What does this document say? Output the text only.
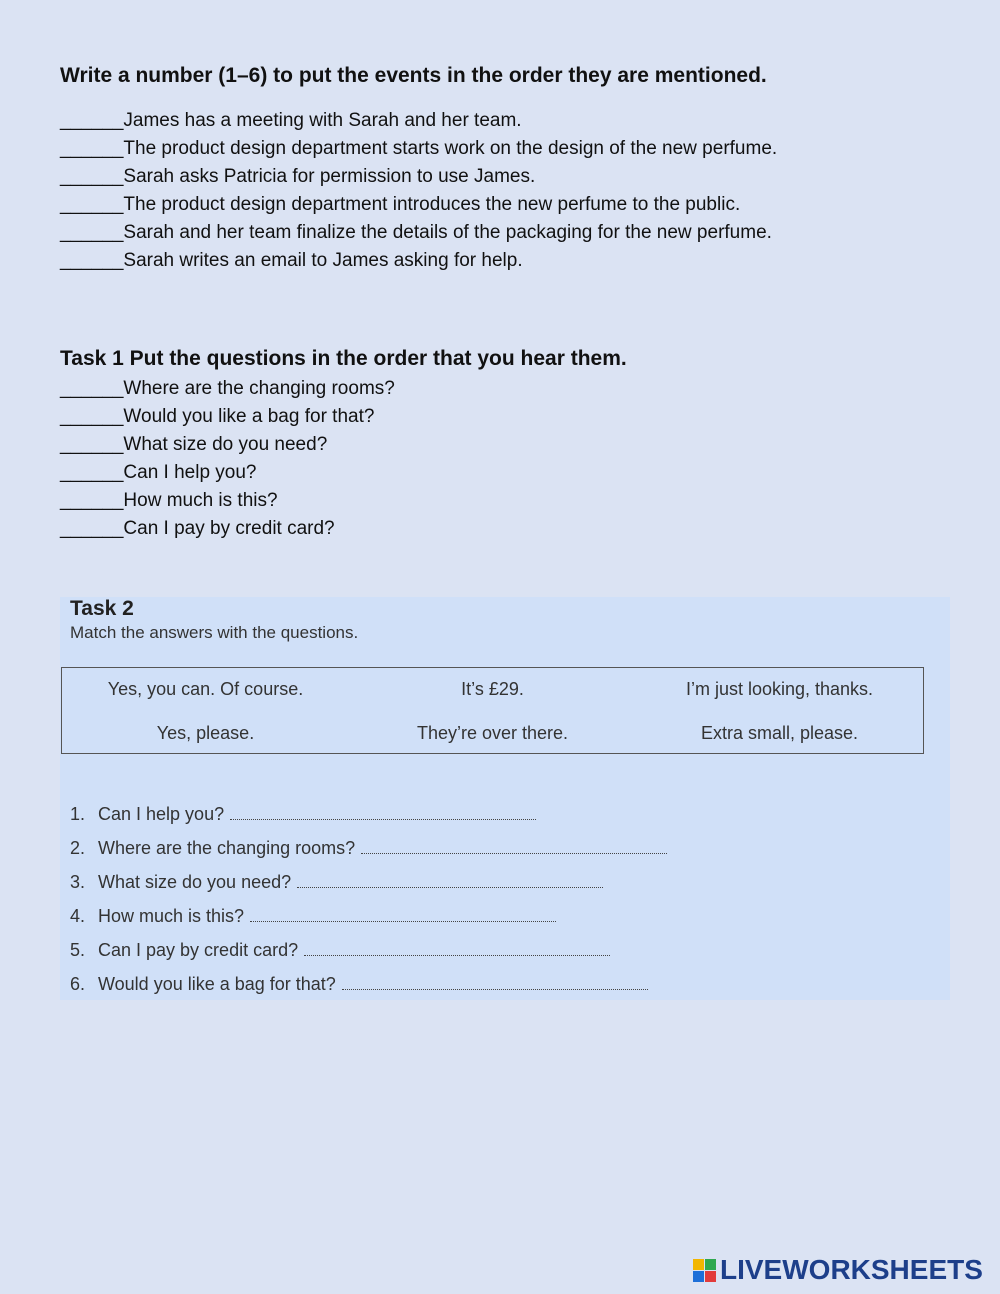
Write a number (1–6) to put the events in the order they are mentioned.

______James has a meeting with Sarah and her team.
______The product design department starts work on the design of the new perfume.
______Sarah asks Patricia for permission to use James.
______The product design department introduces the new perfume to the public.
______Sarah and her team finalize the details of the packaging for the new perfume.
______Sarah writes an email to James asking for help.

Task 1 Put the questions in the order that you hear them.

______Where are the changing rooms?
______Would you like a bag for that?
______What size do you need?
______Can I help you?
______How much is this?
______Can I pay by credit card?
Task 2
Match the answers with the questions.
Yes, you can. Of course.	It’s £29.	I’m just looking, thanks.
Yes, please.	They’re over there.	Extra small, please.
1. Can I help you?
2. Where are the changing rooms?
3. What size do you need?
4. How much is this?
5. Can I pay by credit card?
6. Would you like a bag for that?
LIVEWORKSHEETS
